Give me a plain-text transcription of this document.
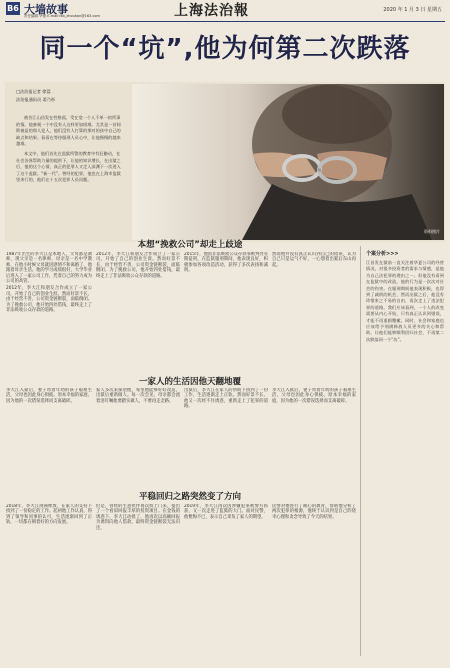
B6 大墙故事
责任编辑 华蕾 E-mail:fzb_zhoukan@163.com	上海法治報	2020 年 1 月 3 日 星期五
同一个“坑”,他为何第二次跌落
□法治报记者 徐荔
法治报通讯员 姜乃彤

被告江山昌发在性格孤，受在宽一个人不单一的所事的情。他参观一个中没有人这样更加困难。尤其是一首间斯被是的那人犯人，他们没有人打算的那对的孩中自己的缺点和结果。看看在等待服刑人员心中，让他慢慢的越来越难。

本文中，他们首先在监狱所警的教育中有狂触动，在社会各界帮助力量的提供下，让他的知识增长，在出狱之后，他的这个心情，真正的犯罪人又走入深渊下一次进入了这个监狱。“新一代”。曾经的犯罪，他也在上海市监狱里来行的，他们在十五次犯罪人员问题。

资料图片
本想“挽救公司”却走上歧途

1987年出生的李大江是本地人，父母都是教师，现父亲是一名律师，母亲是一名中学教师，在他小时候父母就因感情不和离婚了，他跟着母亲生活。他的学习成绩很好，大学毕业后进入了一家公司工作，凭着自己的努力成为公司的高管。

2012年，李大江和朋友合作成立了一家公司，开始了自己的创业生涯。然而好景不长，由于经营不善，公司资金链断裂，面临倒闭。为了挽救公司，他开始四处借钱，最终走上了非法吸收公众存款的道路。

2012年，李大江和朋友合作成立了一家公司，开始了自己的创业生涯。然而好景不长，由于经营不善，公司资金链断裂，面临倒闭。为了挽救公司，他开始四处借钱，最终走上了非法吸收公众存款的道路。

2015年，他因非法吸收公众存款罪被判处有期徒刑，在监狱服刑期间，他表现良好，积极参加各项改造活动，获得了多次表扬和减刑。

然而他并没有真正认识到自己的错误，认为自己只是运气不好，一心想着出狱后东山再起。

一家人的生活因他天翻地覆

李大江入狱后，妻子带着年幼的孩子艰难生活，父母也因此身心俱疲。原本幸福的家庭，因为他的一次错误选择而支离破碎。

家人多次来探望他，希望他能够好好改造，出狱后重新做人。每一次会见，母亲都会流着泪叮嘱他要踏实做人，不要再走歪路。

出狱后，李大江在家人的帮助下找到了一份工作，生活逐渐走上正轨。然而好景不长，他又一次经不住诱惑，重新走上了犯罪的道路。

李大江入狱后，妻子带着年幼的孩子艰难生活，父母也因此身心俱疲。原本幸福的家庭，因为他的一次错误选择而支离破碎。

平稳回归之路突然变了方向

2018年，李大江刑满释放，在家人的支持下找到了一份稳定的工作。起初他工作认真，得到了领导和同事的认可，生活逐渐回到了正轨，一切都在朝着好的方向发展。

但是，曾经的生意伙伴再次找上门来，提出了一个看似回报丰厚的投资项目。在金钱的诱惑下，李大江动摇了，他再次以高额回报为诱饵向他人借款，最终资金链断裂无法归还。

2019年，李大江再次因涉嫌犯罪被警方抓获，又一次走进了监狱的大门。面对民警，他懊悔不已，表示自己辜负了家人的期望。

民警对他进行了耐心的教育，帮助他分析了两次犯罪的根源，他终于认识到是自己的侥幸心理和贪念导致了今天的结果。

个案分析>>>
江昌发在狱前一直关注着华夏公司的经营情况，对很多投资者的需求与情感，是他为自己法犯罪的理由之一。但他没有看到在监狱中的改造，他的行为是一次次对社会的伤害。在服刑期间他表现积极，也得到了减刑的机会，然而出狱之后，他没有珍惜来之不易的自由，再次走上了违法犯罪的道路。我们应该看到，一个人的改变需要从内心开始，只有真正认识到错误，才能不再重蹈覆辙。同时，社会和家庭也应该给予刑满释放人员更多的关心和帮助，让他们能够顺利回归社会，不再第二次跌落同一个“坑”。
